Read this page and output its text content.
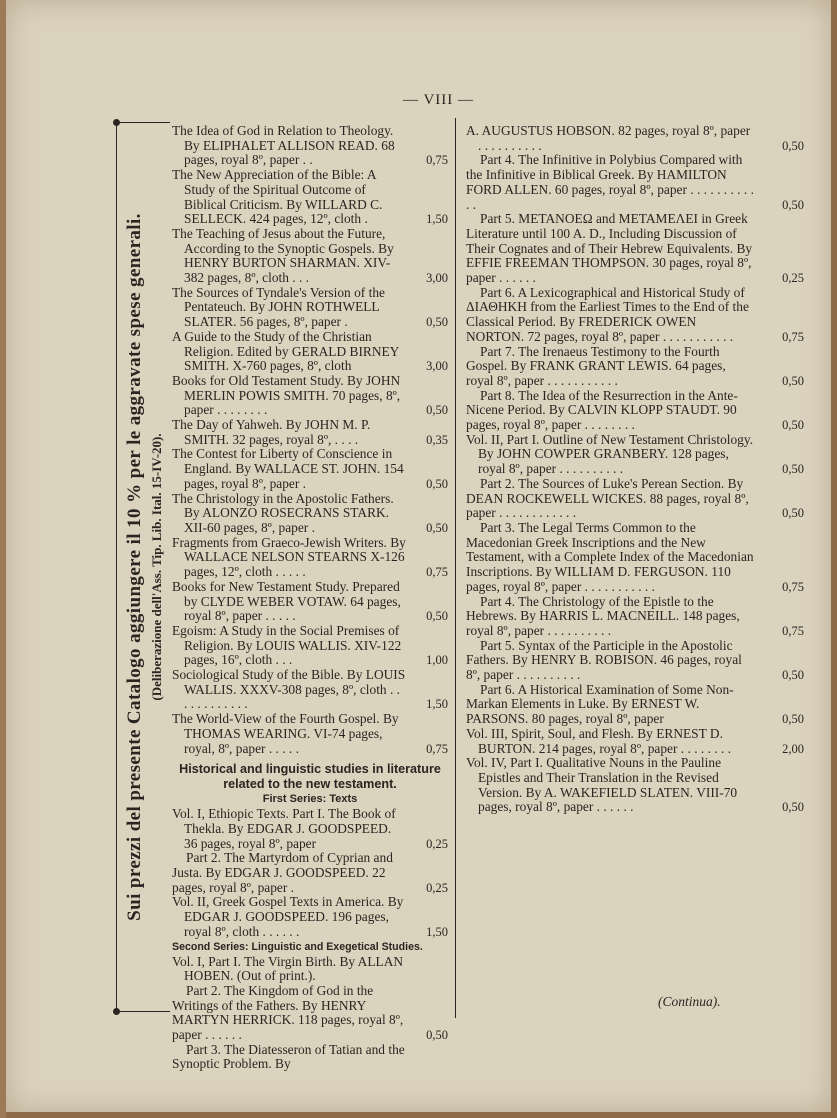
— VIII —
Sui prezzi del presente Catalogo aggiungere il 10 % per le aggravate spese generali. (Deliberazione dell'Ass. Tip. Lib. Ital. 15-IV-20).
The Idea of God in Relation to Theology. By ELIPHALET ALLISON READ. 68 pages, royal 8º, paper . .	0,75
The New Appreciation of the Bible: A Study of the Spiritual Outcome of Biblical Criticism. By WILLARD C. SELLECK. 424 pages, 12º, cloth .	1,50
The Teaching of Jesus about the Future, According to the Synoptic Gospels. By HENRY BURTON SHARMAN. XIV-382 pages, 8º, cloth . . .	3,00
The Sources of Tyndale's Version of the Pentateuch. By JOHN ROTHWELL SLATER. 56 pages, 8º, paper .	0,50
A Guide to the Study of the Christian Religion. Edited by GERALD BIRNEY SMITH. X-760 pages, 8º, cloth	3,00
Books for Old Testament Study. By JOHN MERLIN POWIS SMITH. 70 pages, 8º, paper . . . . . . . .	0,50
The Day of Yahweh. By JOHN M. P. SMITH. 32 pages, royal 8º, . . . .	0,35
The Contest for Liberty of Conscience in England. By WALLACE ST. JOHN. 154 pages, royal 8º, paper .	0,50
The Christology in the Apostolic Fathers. By ALONZO ROSECRANS STARK. XII-60 pages, 8º, paper .	0,50
Fragments from Graeco-Jewish Writers. By WALLACE NELSON STEARNS X-126 pages, 12º, cloth . . . . .	0,75
Books for New Testament Study. Prepared by CLYDE WEBER VOTAW. 64 pages, royal 8º, paper . . . . .	0,50
Egoism: A Study in the Social Premises of Religion. By LOUIS WALLIS. XIV-122 pages, 16º, cloth . . .	1,00
Sociological Study of the Bible. By LOUIS WALLIS. XXXV-308 pages, 8º, cloth . . . . . . . . . . . .	1,50
The World-View of the Fourth Gospel. By THOMAS WEARING. VI-74 pages, royal, 8º, paper . . . . .	0,75
Historical and linguistic studies in literature related to the new testament.
First Series: Texts
Vol. I, Ethiopic Texts. Part I. The Book of Thekla. By EDGAR J. GOODSPEED. 36 pages, royal 8º, paper	0,25
Part 2. The Martyrdom of Cyprian and Justa. By EDGAR J. GOODSPEED. 22 pages, royal 8º, paper .	0,25
Vol. II, Greek Gospel Texts in America. By EDGAR J. GOODSPEED. 196 pages, royal 8º, cloth . . . . . .	1,50
Second Series: Linguistic and Exegetical Studies.
Vol. I, Part I. The Virgin Birth. By ALLAN HOBEN. (Out of print.).
Part 2. The Kingdom of God in the Writings of the Fathers. By HENRY MARTYN HERRICK. 118 pages, royal 8º, paper . . . . . .	0,50
Part 3. The Diatesseron of Tatian and the Synoptic Problem. By
A. AUGUSTUS HOBSON. 82 pages, royal 8º, paper . . . . . . . . . .	0,50
Part 4. The Infinitive in Polybius Compared with the Infinitive in Biblical Greek. By HAMILTON FORD ALLEN. 60 pages, royal 8º, paper . . . . . . . . . . . .	0,50
Part 5. ΜΕΤΑΝΟΕΩ and ΜΕΤΑΜΕΛΕΙ in Greek Literature until 100 A. D., Including Discussion of Their Cognates and of Their Hebrew Equivalents. By EFFIE FREEMAN THOMPSON. 30 pages, royal 8º, paper . . . . . .	0,25
Part 6. A Lexicographical and Historical Study of ΔΙΑΘΗΚΗ from the Earliest Times to the End of the Classical Period. By FREDERICK OWEN NORTON. 72 pages, royal 8º, paper . . . . . . . . . . .	0,75
Part 7. The Irenaeus Testimony to the Fourth Gospel. By FRANK GRANT LEWIS. 64 pages, royal 8º, paper . . . . . . . . . . .	0,50
Part 8. The Idea of the Resurrection in the Ante-Nicene Period. By CALVIN KLOPP STAUDT. 90 pages, royal 8º, paper . . . . . . . .	0,50
Vol. II, Part I. Outline of New Testament Christology. By JOHN COWPER GRANBERY. 128 pages, royal 8º, paper . . . . . . . . . .	0,50
Part 2. The Sources of Luke's Perean Section. By DEAN ROCKEWELL WICKES. 88 pages, royal 8º, paper . . . . . . . . . . . .	0,50
Part 3. The Legal Terms Common to the Macedonian Greek Inscriptions and the New Testament, with a Complete Index of the Macedonian Inscriptions. By WILLIAM D. FERGUSON. 110 pages, royal 8º, paper . . . . . . . . . . .	0,75
Part 4. The Christology of the Epistle to the Hebrews. By HARRIS L. MACNEILL. 148 pages, royal 8º, paper . . . . . . . . . .	0,75
Part 5. Syntax of the Participle in the Apostolic Fathers. By HENRY B. ROBISON. 46 pages, royal 8º, paper . . . . . . . . . .	0,50
Part 6. A Historical Examination of Some Non-Markan Elements in Luke. By ERNEST W. PARSONS. 80 pages, royal 8º, paper	0,50
Vol. III, Spirit, Soul, and Flesh. By ERNEST D. BURTON. 214 pages, royal 8º, paper . . . . . . . .	2,00
Vol. IV, Part I. Qualitative Nouns in the Pauline Epistles and Their Translation in the Revised Version. By A. WAKEFIELD SLATEN. VIII-70 pages, royal 8º, paper . . . . . .	0,50
(Continua).
